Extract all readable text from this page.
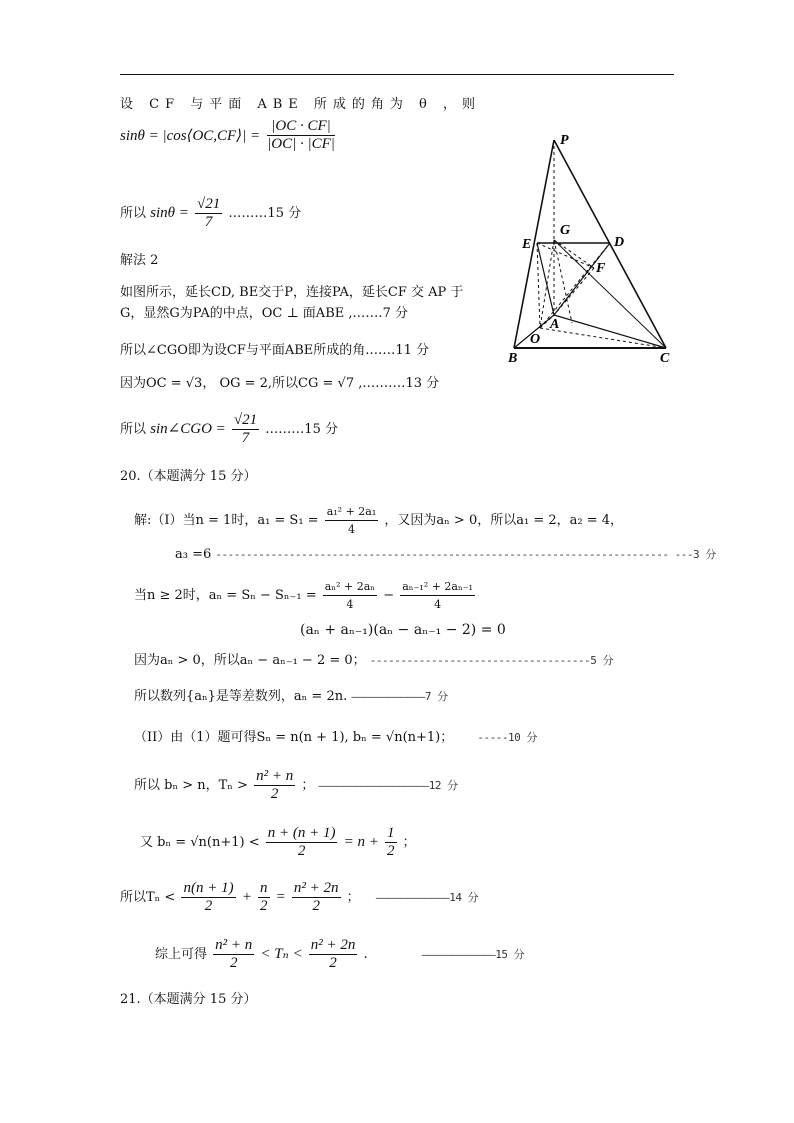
设 CF 与平面 ABE 所成的角为 θ ，则
sinθ = |cos⟨OC,CF⟩| = $\frac{|OC \cdot CF|}{|OC| \cdot |CF|}$
所以 $\sin\theta = \frac{√21}{7}$ ………15 分
解法 2
如图所示，延长CD, BE交于P，连接PA，延长CF 交 AP 于
G，显然G为PA的中点，OC ⊥ 面ABE ,.……7 分
所以∠CGO即为设CF与平面ABE所成的角.……11 分
因为OC = √3， OG = 2,所以CG = √7 ,.………13 分
所以 sin∠CGO = $\frac{√21}{7}$ ………15 分
P
G
E	D
F
A
O
B	C
20.（本题满分 15 分）
解:（I）当n = 1时，$a_1 = S_1 = \frac{\text{a₁² + 2a₁}}{4}$ ，又因为aₙ > 0，所以a₁ = 2，a₂ = 4，
a₃ =6 -------------------------------------------------------------------------- ---3 分
当n ≥ 2时，$a_n = S_n - S_{n-1} = \frac{\text{aₙ² + 2aₙ}}{4} - \frac{\text{aₙ₋₁² + 2aₙ₋₁}}{4}$
(aₙ + aₙ₋₁)(aₙ − aₙ₋₁ − 2) = 0
因为aₙ > 0，所以aₙ − aₙ₋₁ − 2 = 0； ------------------------------------5 分
所以数列{aₙ}是等差数列，aₙ = 2n. ————————————7 分
（II）由（1）题可得Sₙ = n(n + 1), bₙ = √n(n+1)； -----10 分
所以 bₙ > n，$T_n > \frac{\text{n² + n}}{2}$ ； ——————————————————12 分
又 $b_n = √n(n+1) < \frac{n + (n + 1)}{2} = n + \frac{1}{2}$ ；
所以$T_n < \frac{n(n + 1)}{2} + \frac{n}{2} = \frac{\text{n² + 2n}}{2}$ ； ————————————14 分
综上可得 $\frac{\text{n² + n}}{2} < T_n < \frac{\text{n² + 2n}}{2}$ .	————————————15 分
21.（本题满分 15 分）
